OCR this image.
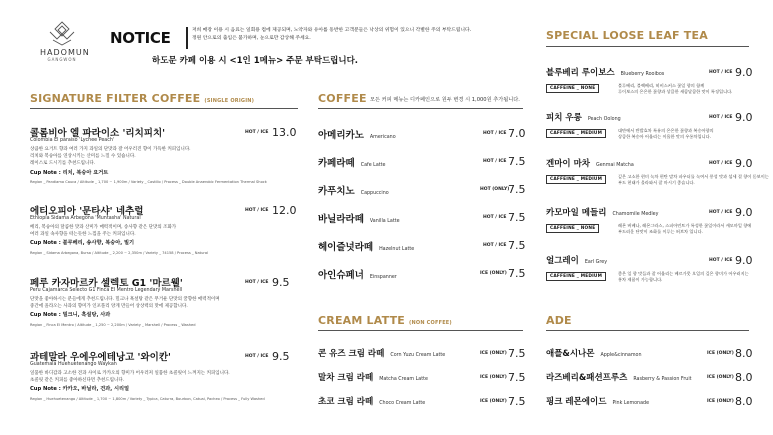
HADOMUN
GANGWON
NOTICE	저희 매장 이용 시 음료는 일회용 컵에 제공되며, 노약자와 유아를 동반한 고객분들은 낙상의 위험이 있으니 각별한 주의 부탁드립니다.
정원 안으로의 출입은 불가하며, 눈으로만 감상해 주세요.
하도문 카페 이용 시 <1인 1메뉴> 주문 부탁드립니다.
SIGNATURE FILTER COFFEE (SINGLE ORIGIN)
콜롬비아 엘 파라이소 '리치피치'
Colombia El paraiso 'Lychee Peach'
HOT / ICE 13.0
상큼한 요거트 향과 여러 가지 과일의 단맛과 잘 어우러진 향이 가득한 커피입니다.
리치와 복숭아를 연상시키는 산미를 느낄 수 있습니다.
레이스로 드시기를 추천드립니다.
Cup Note : 리치, 복숭아 요거트
Region _ Pandiamo Cauca / Altitude _ 1,700 ~ 1,900m / Variety _ Castillo / Process _ Double Anaerobic Fermentation Thermal Shock
에티오피아 '문타샤' 네추럴
Ethiopia Sidama Arbegona 'Muntasha' Natural
HOT / ICE 12.0
베리, 복숭아의 달콤한 맛과 산미가 매력적이며, 송사향 같은 단맛의 조화가
여러 과일 속사향을 떠는듯한 느낌을 주는 커피입니다.
Cup Note : 블루베리, 송사향, 복숭아, 빌기
Region _ Sidama Arbegona, Bursa / Altitude _ 2,200 ~ 2,350m / Variety _ 74158 / Process _ Natural
페루 카자마르카 셀렉토 G1 '마르웰'
Peru Cajamarca Selecto G1 Finca El Mentro Legendary Marshell
HOT / ICE 9.5
단맛을 좋아하시는 분들에게 추천드립니다. 밀크나 흑설탕 같은 무거운 단맛의 꿀향한 매력적이며
중간에 올라오는 사과의 향미가 인포플리 앙게 만들어 상상력의 맛에 제공합니다.
Cup Note : 밀크니, 흑설탕, 사과
Region _ Finca El Mentro / Altitude _ 1,250 ~ 2,200m / Variety _ Marshell / Process _ Washed
과테말라 우에우에테낭고 '와이칸'
Guatemala Huehuetenango Waykan
HOT / ICE 9.5
일품한 바디감과 고소한 견과 사이로 카카오의 향미가 어우러져 일품한 초콜릿이 느껴지는 커피입니다.
초콜릿 같은 커피를 좋아하신다면 추천드립니다.
Cup Note : 카카오, 바닐라, 견과, 시리얼
Region _ Huehuetenango / Altitude _ 1,700 ~ 1,800m / Variety _ Typica, Caturra, Bourbon, Catuai, Pacheo / Process _ Fully Washed
COFFEE 모든 커피 메뉴는 디카페인으로 원두 변경 시 1,000원 추가됩니다.
아메리카노 Americano
HOT / ICE 7.0
카페라떼 Cafe Latte
HOT / ICE 7.5
카푸치노 Cappuccino
HOT (ONLY)
7.5
바닐라라떼 Vanilla Latte
HOT / ICE 7.5
헤이즐넛라떼 Hazelnut Latte
HOT / ICE 7.5
아인슈페너 Einspanner
ICE (ONLY) 7.5
CREAM LATTE (NON COFFEE)
콘 유즈 크림 라떼 Corn Yuzu Cream Latte	ICE (ONLY) 7.5
말차 크림 라떼 Matcha Cream Latte	ICE (ONLY) 7.5
초코 크림 라떼 Choco Cream Latte	ICE (ONLY) 7.5
SPECIAL LOOSE LEAF TEA
블루베리 루이보스 Blueberry Rooibos	HOT / ICE 9.0
CAFFEINE _ NONE
블루베리, 블랙베리, 히비스커스 꽃잎 향의 함께
루이보스의 은은한 꽃향과 상큼한 새콤달콤한 맛이 특징입니다.
피치 우롱 Peach Oolong	HOT / ICE 9.0
CAFFEINE _ MEDIUM
대만에서 반발효차 특유의 은은한 꽃향과 복숭아향의
상큼한 복숭아 어울리는 이롭한 맛의 우롱차입니다.
겐마이 마차 Genmai Matcha	HOT / ICE 9.0
CAFFEINE _ MEDIUM
깊은 고소한 현미 녹차 편탄 말차 파우더를 녹여서 풍성 맛과 섬세 결 향이 돋보이는
부드 현태가 올라와서 잘 마시기 좋습니다.
카모마일 메들리 Chamomile Medley	HOT / ICE 9.0
CAFFEINE _ NONE
레몬 버베나, 레몬그라스, 스피아민트가 특성한 꽃잎이라서 캐모마일 향에
부드러운 단맛이 조화를 이루는 허브차 입니다.
얼그레이 Earl Grey	HOT / ICE 9.0
CAFFEINE _ MEDIUM
좋은 잎 향 맛들과 잘 어울리는 베르가못 오일의 깊은 향미가 어우러지는
홍차 제품이 가능합니다.
ADE
애플&시나몬 Apple&cinnamon	ICE (ONLY) 8.0
라즈베리&패션프루츠 Rasberry & Passion Fruit	ICE (ONLY) 8.0
핑크 레몬에이드 Pink Lemonade	ICE (ONLY) 8.0
